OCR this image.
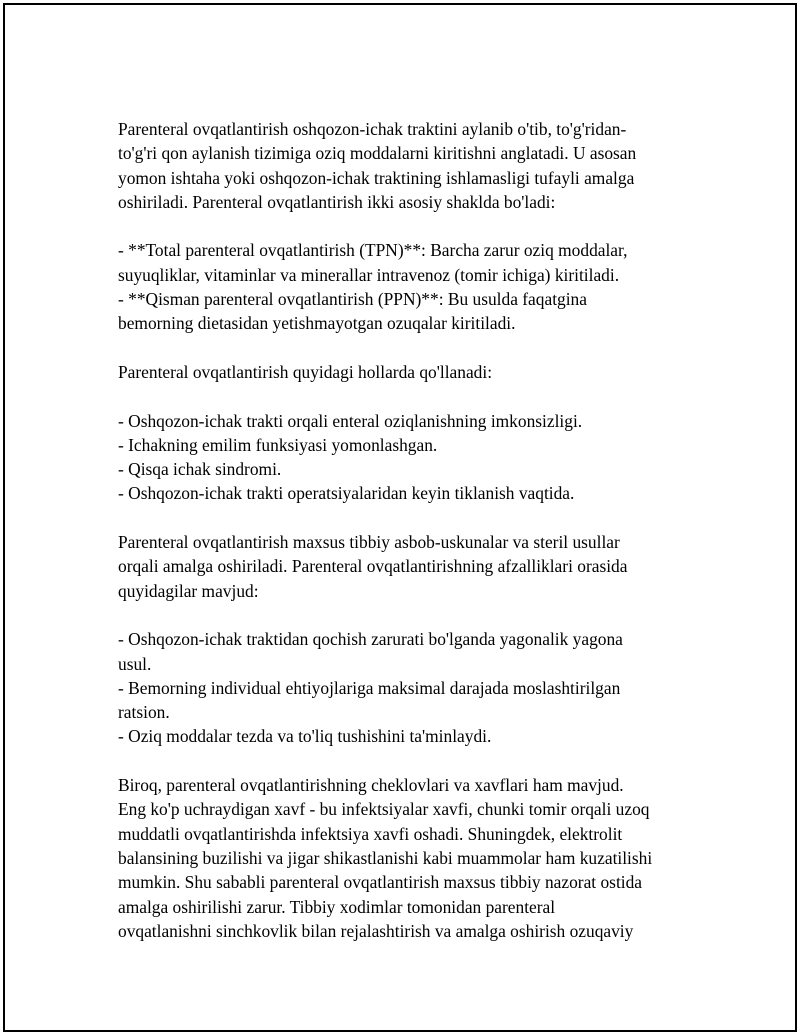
Parenteral ovqatlantirish oshqozon-ichak traktini aylanib o'tib, to'g'ridan-
to'g'ri qon aylanish tizimiga oziq moddalarni kiritishni anglatadi. U asosan
yomon ishtaha yoki oshqozon-ichak traktining ishlamasligi tufayli amalga
oshiriladi. Parenteral ovqatlantirish ikki asosiy shaklda bo'ladi:
- **Total parenteral ovqatlantirish (TPN)**: Barcha zarur oziq moddalar,
suyuqliklar, vitaminlar va minerallar intravenoz (tomir ichiga) kiritiladi.
- **Qisman parenteral ovqatlantirish (PPN)**: Bu usulda faqatgina
bemorning dietasidan yetishmayotgan ozuqalar kiritiladi.
Parenteral ovqatlantirish quyidagi hollarda qo'llanadi:
- Oshqozon-ichak trakti orqali enteral oziqlanishning imkonsizligi.
- Ichakning emilim funksiyasi yomonlashgan.
- Qisqa ichak sindromi.
- Oshqozon-ichak trakti operatsiyalaridan keyin tiklanish vaqtida.
Parenteral ovqatlantirish maxsus tibbiy asbob-uskunalar va steril usullar
orqali amalga oshiriladi. Parenteral ovqatlantirishning afzalliklari orasida
quyidagilar mavjud:
- Oshqozon-ichak traktidan qochish zarurati bo'lganda yagonalik yagona
usul.
- Bemorning individual ehtiyojlariga maksimal darajada moslashtirilgan
ratsion.
- Oziq moddalar tezda va to'liq tushishini ta'minlaydi.
Biroq, parenteral ovqatlantirishning cheklovlari va xavflari ham mavjud.
Eng ko'p uchraydigan xavf - bu infektsiyalar xavfi, chunki tomir orqali uzoq
muddatli ovqatlantirishda infektsiya xavfi oshadi. Shuningdek, elektrolit
balansining buzilishi va jigar shikastlanishi kabi muammolar ham kuzatilishi
mumkin. Shu sababli parenteral ovqatlantirish maxsus tibbiy nazorat ostida
amalga oshirilishi zarur. Tibbiy xodimlar tomonidan parenteral
ovqatlanishni sinchkovlik bilan rejalashtirish va amalga oshirish ozuqaviy
